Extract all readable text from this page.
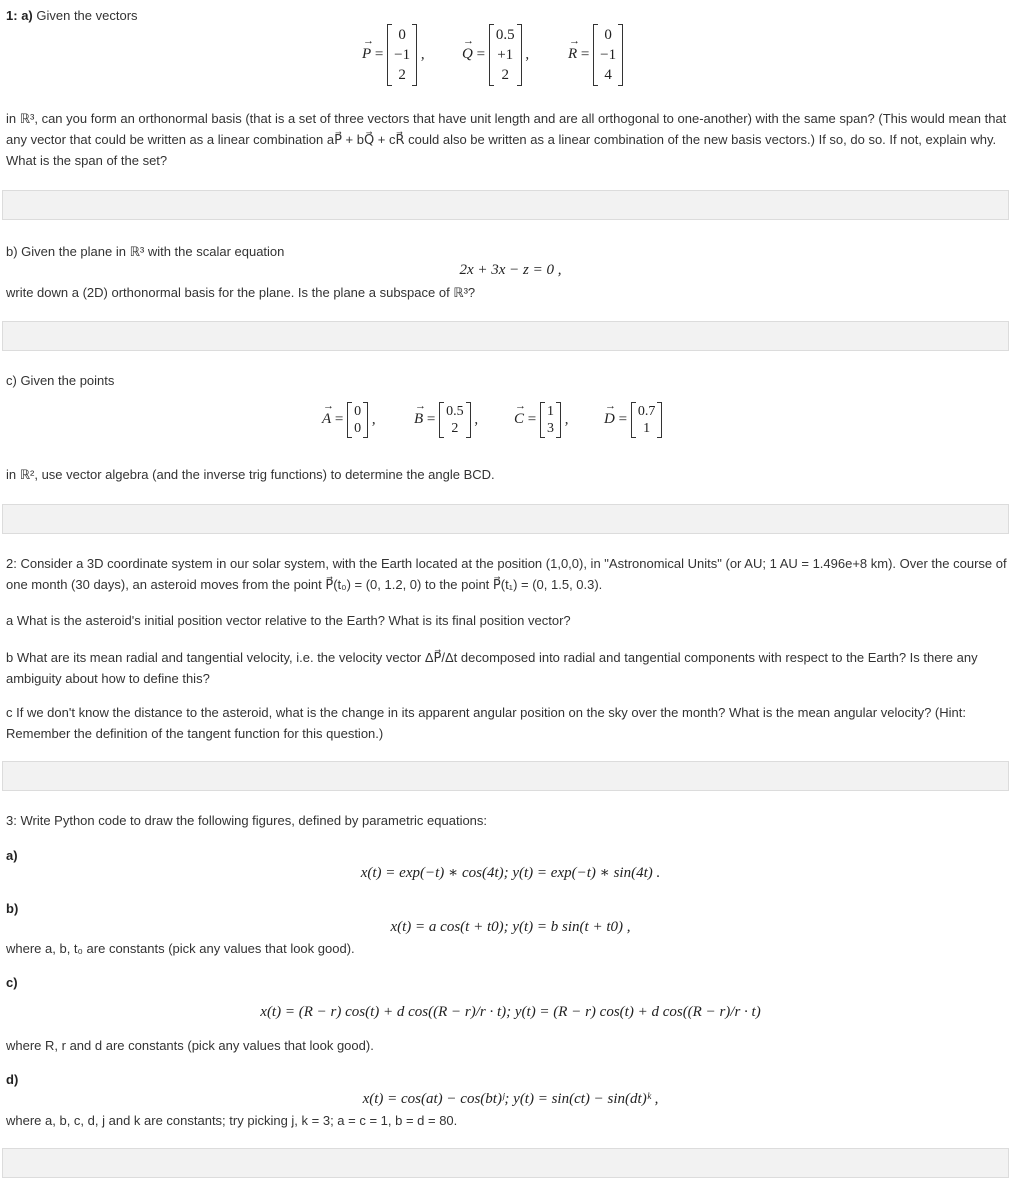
1: a) Given the vectors
P → =
0
−1
2
, Q → =
0.5
+1
2
,	R → =
0
−1
4
in ℝ³, can you form an orthonormal basis (that is a set of three vectors that have unit length and are all orthogonal to one-another) with the same span? (This would mean that any vector that could be written as a linear combination aP⃗ + bQ⃗ + cR⃗ could also be written as a linear combination of the new basis vectors.) If so, do so. If not, explain why. What is the span of the set?
b) Given the plane in ℝ³ with the scalar equation
2x + 3x − z = 0 ,
write down a (2D) orthonormal basis for the plane. Is the plane a subspace of ℝ³?
c) Given the points
A → = 0
0
,	B → = 0.5
2
, C → = 1
3
, D → = 0.7
1
in ℝ², use vector algebra (and the inverse trig functions) to determine the angle BCD.
2: Consider a 3D coordinate system in our solar system, with the Earth located at the position (1,0,0), in "Astronomical Units" (or AU; 1 AU = 1.496e+8 km). Over the course of one month (30 days), an asteroid moves from the point P⃗(t₀) = (0, 1.2, 0) to the point P⃗(t₁) = (0, 1.5, 0.3).
a What is the asteroid's initial position vector relative to the Earth? What is its final position vector?
b What are its mean radial and tangential velocity, i.e. the velocity vector ΔP⃗/Δt decomposed into radial and tangential components with respect to the Earth? Is there any ambiguity about how to define this?
c If we don't know the distance to the asteroid, what is the change in its apparent angular position on the sky over the month? What is the mean angular velocity? (Hint: Remember the definition of the tangent function for this question.)
3: Write Python code to draw the following figures, defined by parametric equations:
a)
x(t) = exp(−t) ∗ cos(4t); y(t) = exp(−t) ∗ sin(4t) .
b)
x(t) = a cos(t + t0); y(t) = b sin(t + t0) ,
where a, b, t₀ are constants (pick any values that look good).
c)
x(t) = (R − r) cos(t) + d cos((R − r)/r · t); y(t) = (R − r) cos(t) + d cos((R − r)/r · t)
where R, r and d are constants (pick any values that look good).
d)
x(t) = cos(at) − cos(bt)ʲ; y(t) = sin(ct) − sin(dt)ᵏ ,
where a, b, c, d, j and k are constants; try picking j, k = 3; a = c = 1, b = d = 80.
